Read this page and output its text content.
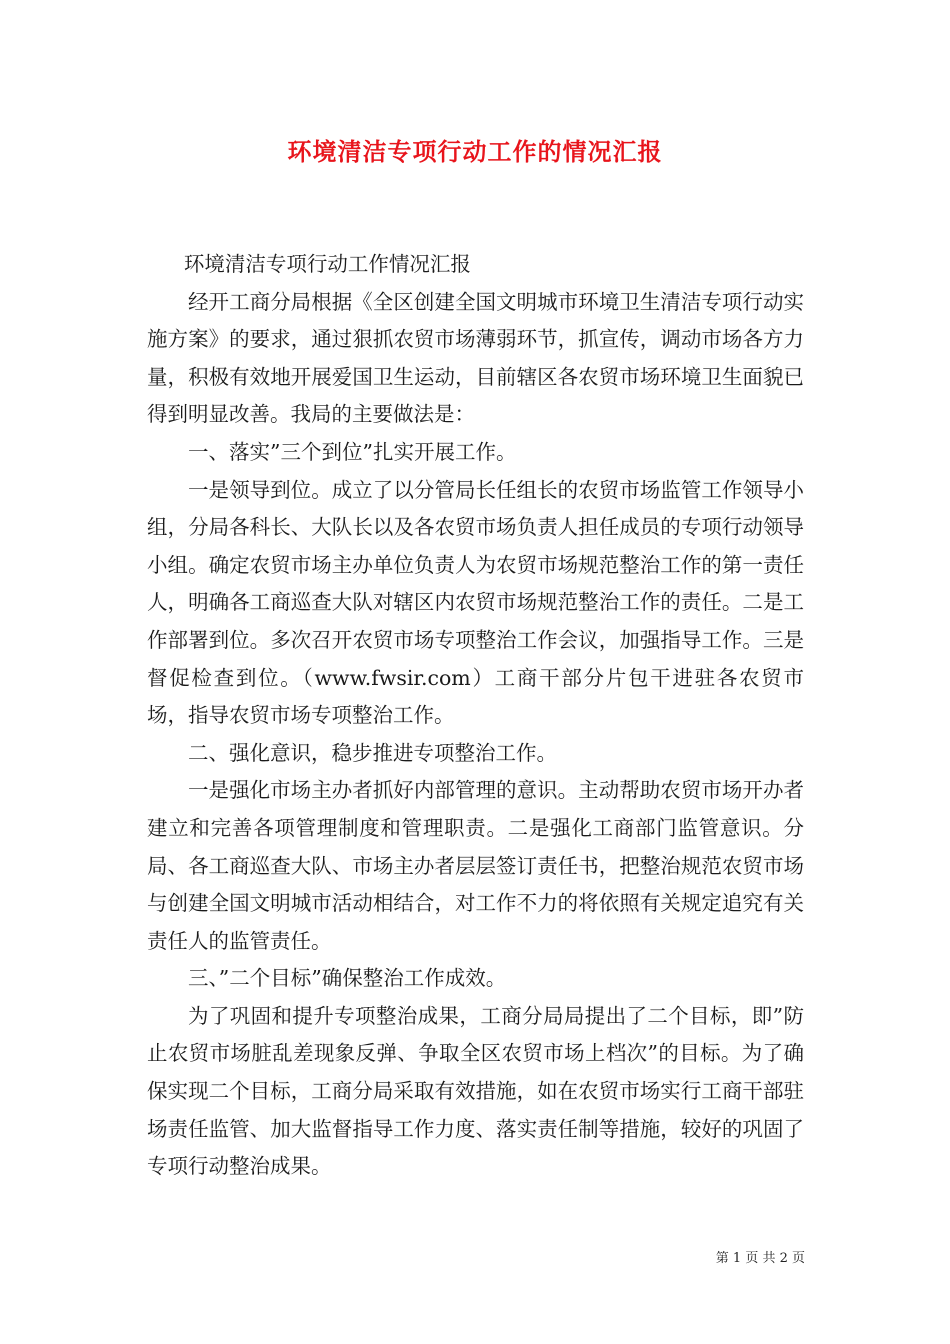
环境清洁专项行动工作的情况汇报

环境清洁专项行动工作情况汇报

经开工商分局根据《全区创建全国文明城市环境卫生清洁专项行动实施方案》的要求，通过狠抓农贸市场薄弱环节，抓宣传，调动市场各方力量，积极有效地开展爱国卫生运动，目前辖区各农贸市场环境卫生面貌已得到明显改善。我局的主要做法是：

一、落实”三个到位”扎实开展工作。

一是领导到位。成立了以分管局长任组长的农贸市场监管工作领导小组，分局各科长、大队长以及各农贸市场负责人担任成员的专项行动领导小组。确定农贸市场主办单位负责人为农贸市场规范整治工作的第一责任人，明确各工商巡查大队对辖区内农贸市场规范整治工作的责任。二是工作部署到位。多次召开农贸市场专项整治工作会议，加强指导工作。三是督促检查到位。（www.fwsir.com）工商干部分片包干进驻各农贸市场，指导农贸市场专项整治工作。

二、强化意识，稳步推进专项整治工作。

一是强化市场主办者抓好内部管理的意识。主动帮助农贸市场开办者建立和完善各项管理制度和管理职责。二是强化工商部门监管意识。分局、各工商巡查大队、市场主办者层层签订责任书，把整治规范农贸市场与创建全国文明城市活动相结合，对工作不力的将依照有关规定追究有关责任人的监管责任。

三、”二个目标”确保整治工作成效。

为了巩固和提升专项整治成果，工商分局局提出了二个目标，即”防止农贸市场脏乱差现象反弹、争取全区农贸市场上档次”的目标。为了确保实现二个目标，工商分局采取有效措施，如在农贸市场实行工商干部驻场责任监管、加大监督指导工作力度、落实责任制等措施，较好的巩固了专项行动整治成果。

第 1 页 共 2 页
